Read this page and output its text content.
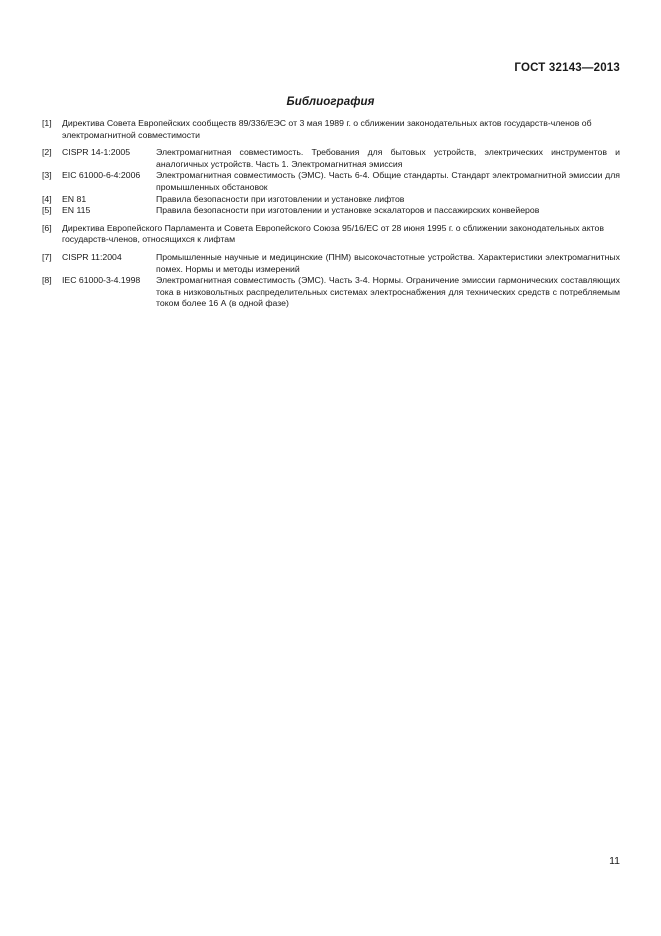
ГОСТ 32143—2013
Библиография
[1]	Директива Совета Европейских сообществ 89/336/ЕЭС от 3 мая 1989 г. о сближении законодательных актов государств-членов об электромагнитной совместимости
[2]	CISPR 14-1:2005	Электромагнитная совместимость. Требования для бытовых устройств, электрических инструментов и аналогичных устройств. Часть 1. Электромагнитная эмиссия
[3]	EIC 61000-6-4:2006	Электромагнитная совместимость (ЭМС). Часть 6-4. Общие стандарты. Стандарт электромагнитной эмиссии для промышленных обстановок
[4]	EN 81	Правила безопасности при изготовлении и установке лифтов
[5]	EN 115	Правила безопасности при изготовлении и установке эскалаторов и пассажирских конвейеров
[6]	Директива Европейского Парламента и Совета Европейского Союза 95/16/ЕС от 28 июня 1995 г. о сближении законодательных актов государств-членов, относящихся к лифтам
[7]	CISPR 11:2004	Промышленные научные и медицинские (ПНМ) высокочастотные устройства. Характеристики электромагнитных помех. Нормы и методы измерений
[8]	IEC 61000-3-4.1998	Электромагнитная совместимость (ЭМС). Часть 3-4. Нормы. Ограничение эмиссии гармонических составляющих тока в низковольтных распределительных системах электроснабжения для технических средств с потребляемым током более 16 А (в одной фазе)
11
